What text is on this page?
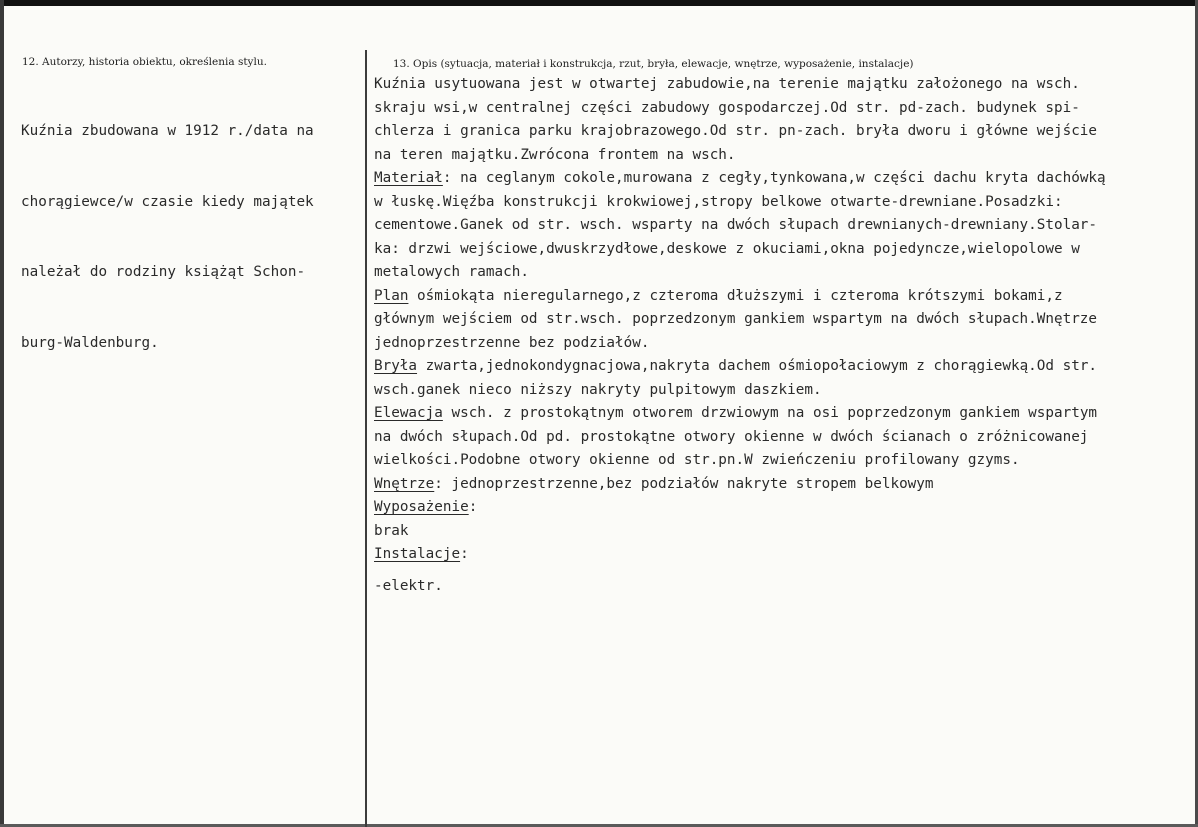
12. Autorzy, historia obiektu, określenia stylu.	13. Opis (sytuacja, materiał i konstrukcja, rzut, bryła, elewacje, wnętrze, wyposażenie, instalacje)

Kuźnia zbudowana w 1912 r./data na

chorągiewce/w czasie kiedy majątek

należał do rodziny książąt Schon-

burg-Waldenburg.

Kuźnia usytuowana jest w otwartej zabudowie,na terenie majątku założonego na wsch.
skraju wsi,w centralnej części zabudowy gospodarczej.Od str. pd-zach. budynek spi-
chlerza i granica parku krajobrazowego.Od str. pn-zach. bryła dworu i główne wejście
na teren majątku.Zwrócona frontem na wsch.
Materiał: na ceglanym cokole,murowana z cegły,tynkowana,w części dachu kryta dachówką
w łuskę.Więźba konstrukcji krokwiowej,stropy belkowe otwarte-drewniane.Posadzki:
cementowe.Ganek od str. wsch. wsparty na dwóch słupach drewnianych-drewniany.Stolar-
ka: drzwi wejściowe,dwuskrzydłowe,deskowe z okuciami,okna pojedyncze,wielopolowe w
metalowych ramach.
Plan ośmiokąta nieregularnego,z czteroma dłuższymi i czteroma krótszymi bokami,z
głównym wejściem od str.wsch. poprzedzonym gankiem wspartym na dwóch słupach.Wnętrze
jednoprzestrzenne bez podziałów.
Bryła zwarta,jednokondygnacjowa,nakryta dachem ośmiopołaciowym z chorągiewką.Od str.
wsch.ganek nieco niższy nakryty pulpitowym daszkiem.
Elewacja wsch. z prostokątnym otworem drzwiowym na osi poprzedzonym gankiem wspartym
na dwóch słupach.Od pd. prostokątne otwory okienne w dwóch ścianach o zróżnicowanej
wielkości.Podobne otwory okienne od str.pn.W zwieńczeniu profilowany gzyms.
Wnętrze: jednoprzestrzenne,bez podziałów nakryte stropem belkowym
Wyposażenie:
brak
Instalacje:
-elektr.
